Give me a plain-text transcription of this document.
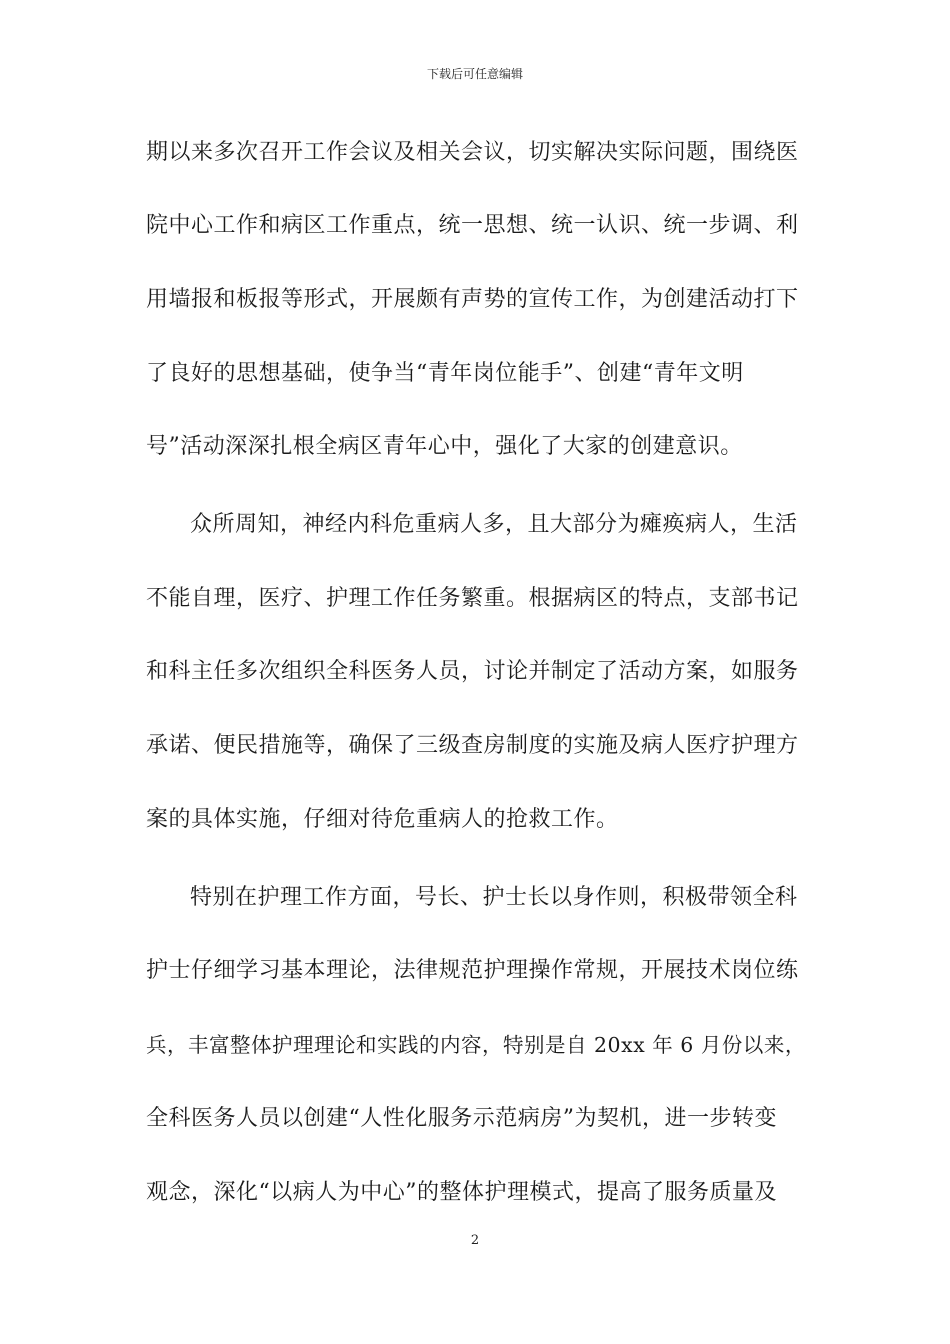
下载后可任意编辑
期以来多次召开工作会议及相关会议，切实解决实际问题，围绕医
院中心工作和病区工作重点，统一思想、统一认识、统一步调、利
用墙报和板报等形式，开展颇有声势的宣传工作，为创建活动打下
了良好的思想基础，使争当“青年岗位能手”、创建“青年文明
号”活动深深扎根全病区青年心中，强化了大家的创建意识。
众所周知，神经内科危重病人多，且大部分为瘫痪病人，生活
不能自理，医疗、护理工作任务繁重。根据病区的特点，支部书记
和科主任多次组织全科医务人员，讨论并制定了活动方案，如服务
承诺、便民措施等，确保了三级查房制度的实施及病人医疗护理方
案的具体实施，仔细对待危重病人的抢救工作。
特别在护理工作方面，号长、护士长以身作则，积极带领全科
护士仔细学习基本理论，法律规范护理操作常规，开展技术岗位练
兵，丰富整体护理理论和实践的内容，特别是自 20xx 年 6 月份以来，
全科医务人员以创建“人性化服务示范病房”为契机，进一步转变
观念，深化“以病人为中心”的整体护理模式，提高了服务质量及
2
